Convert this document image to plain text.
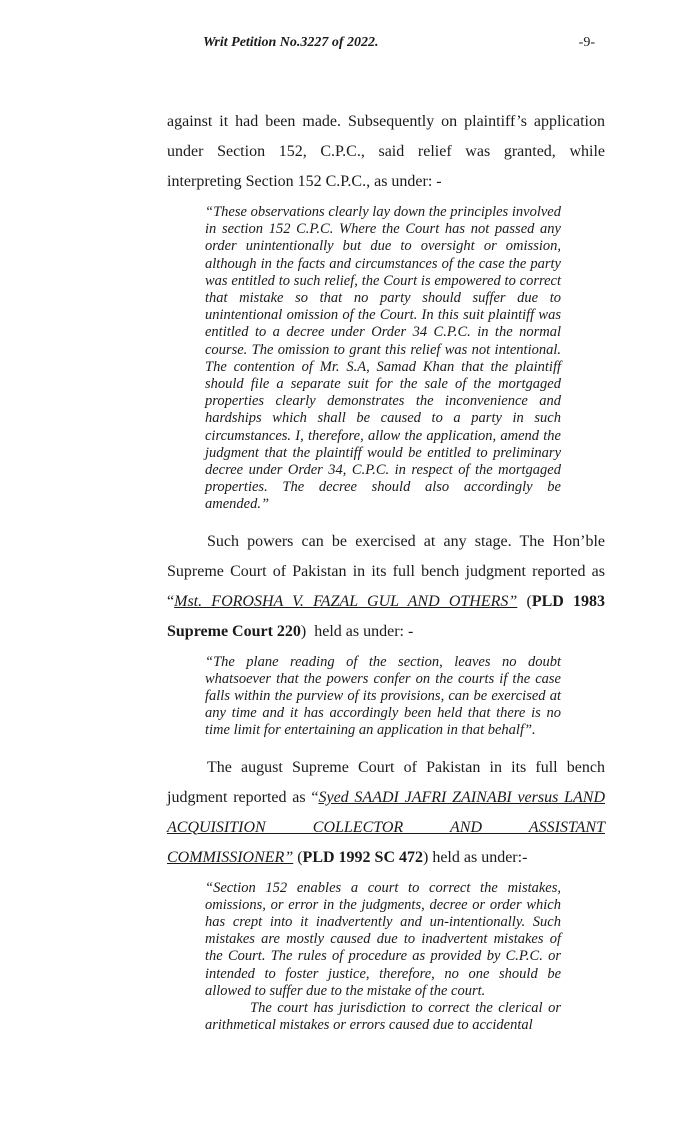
Writ Petition No.3227 of 2022.	-9-

against it had been made. Subsequently on plaintiff’s application under Section 152, C.P.C., said relief was granted, while interpreting Section 152 C.P.C., as under: -

“These observations clearly lay down the principles involved in section 152 C.P.C. Where the Court has not passed any order unintentionally but due to oversight or omission, although in the facts and circumstances of the case the party was entitled to such relief, the Court is empowered to correct that mistake so that no party should suffer due to unintentional omission of the Court. In this suit plaintiff was entitled to a decree under Order 34 C.P.C. in the normal course. The omission to grant this relief was not intentional. The contention of Mr. S.A, Samad Khan that the plaintiff should file a separate suit for the sale of the mortgaged properties clearly demonstrates the inconvenience and hardships which shall be caused to a party in such circumstances. I, therefore, allow the application, amend the judgment that the plaintiff would be entitled to preliminary decree under Order 34, C.P.C. in respect of the mortgaged properties. The decree should also accordingly be amended.”

Such powers can be exercised at any stage. The Hon’ble Supreme Court of Pakistan in its full bench judgment reported as “Mst. FOROSHA V. FAZAL GUL AND OTHERS” (PLD 1983 Supreme Court 220)  held as under: -

“The plane reading of the section, leaves no doubt whatsoever that the powers confer on the courts if the case falls within the purview of its provisions, can be exercised at any time and it has accordingly been held that there is no time limit for entertaining an application in that behalf”.

The august Supreme Court of Pakistan in its full bench judgment reported as “Syed SAADI JAFRI ZAINABI versus LAND ACQUISITION COLLECTOR AND ASSISTANT COMMISSIONER” (PLD 1992 SC 472) held as under:-

“Section 152 enables a court to correct the mistakes, omissions, or error in the judgments, decree or order which has crept into it inadvertently and un-intentionally. Such mistakes are mostly caused due to inadvertent mistakes of the Court. The rules of procedure as provided by C.P.C. or intended to foster justice, therefore, no one should be allowed to suffer due to the mistake of the court.

The court has jurisdiction to correct the clerical or arithmetical mistakes or errors caused due to accidental
